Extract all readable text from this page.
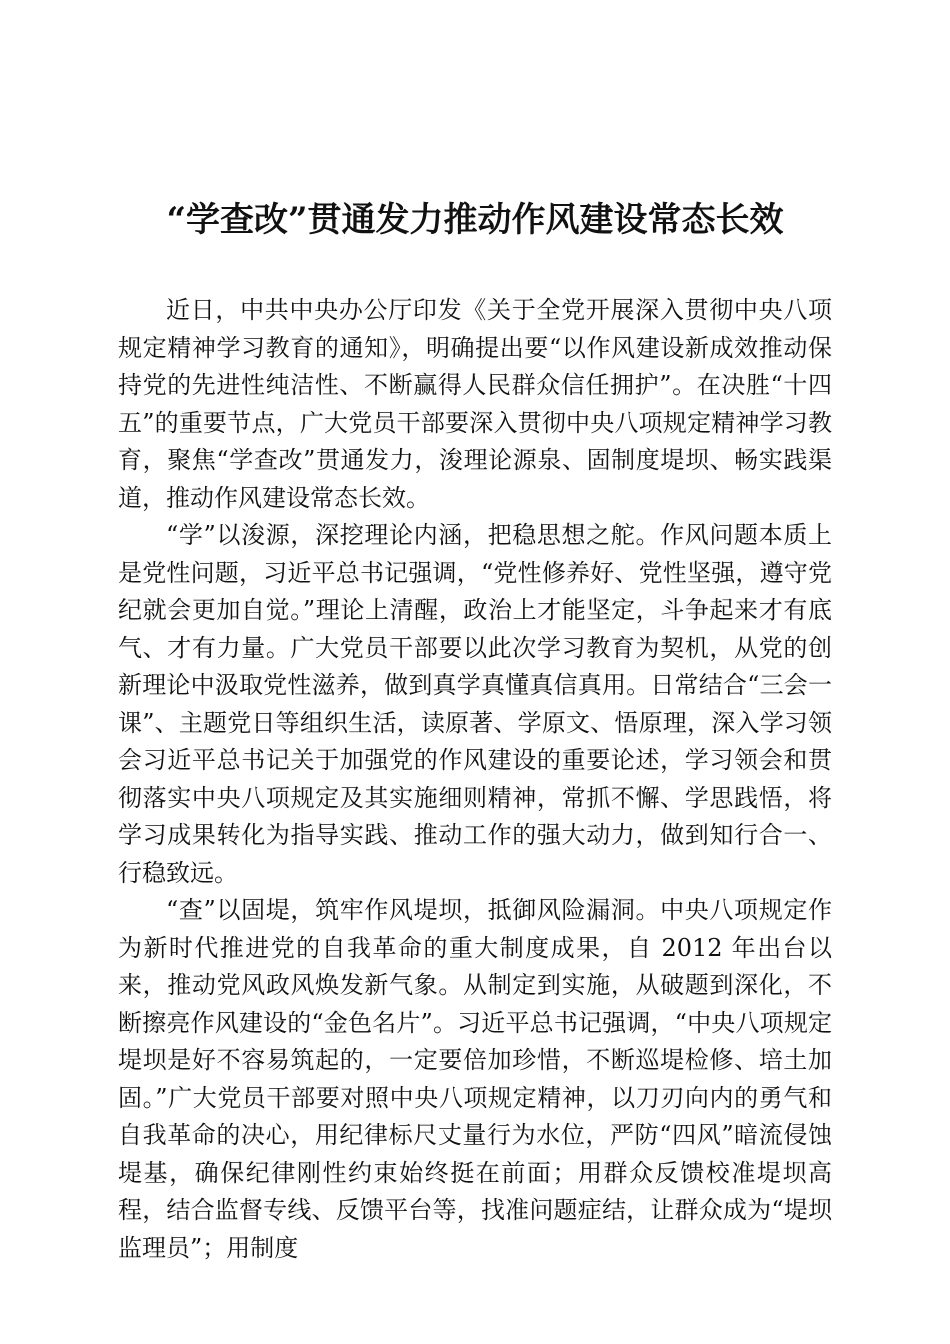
“学查改”贯通发力推动作风建设常态长效

近日，中共中央办公厅印发《关于全党开展深入贯彻中央八项规定精神学习教育的通知》，明确提出要“以作风建设新成效推动保持党的先进性纯洁性、不断赢得人民群众信任拥护”。在决胜“十四五”的重要节点，广大党员干部要深入贯彻中央八项规定精神学习教育，聚焦“学查改”贯通发力，浚理论源泉、固制度堤坝、畅实践渠道，推动作风建设常态长效。

“学”以浚源，深挖理论内涵，把稳思想之舵。作风问题本质上是党性问题，习近平总书记强调，“党性修养好、党性坚强，遵守党纪就会更加自觉。”理论上清醒，政治上才能坚定，斗争起来才有底气、才有力量。广大党员干部要以此次学习教育为契机，从党的创新理论中汲取党性滋养，做到真学真懂真信真用。日常结合“三会一课”、主题党日等组织生活，读原著、学原文、悟原理，深入学习领会习近平总书记关于加强党的作风建设的重要论述，学习领会和贯彻落实中央八项规定及其实施细则精神，常抓不懈、学思践悟，将学习成果转化为指导实践、推动工作的强大动力，做到知行合一、行稳致远。

“查”以固堤，筑牢作风堤坝，抵御风险漏洞。中央八项规定作为新时代推进党的自我革命的重大制度成果，自 2012 年出台以来，推动党风政风焕发新气象。从制定到实施，从破题到深化，不断擦亮作风建设的“金色名片”。习近平总书记强调，“中央八项规定堤坝是好不容易筑起的，一定要倍加珍惜，不断巡堤检修、培土加固。”广大党员干部要对照中央八项规定精神，以刀刃向内的勇气和自我革命的决心，用纪律标尺丈量行为水位，严防“四风”暗流侵蚀堤基，确保纪律刚性约束始终挺在前面；用群众反馈校准堤坝高程，结合监督专线、反馈平台等，找准问题症结，让群众成为“堤坝监理员”；用制度
